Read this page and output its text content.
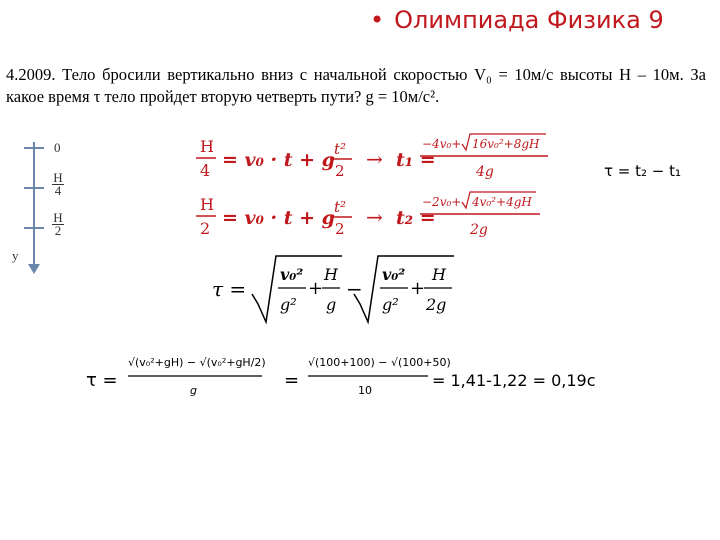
• Олимпиада Физика 9
4.2009. Тело бросили вертикально вниз с начальной скоростью V₀ = 10м/с высоты Н – 10м. За какое время τ тело пройдет вторую четверть пути? g = 10м/с².
0
$\frac{H}{4}$
$\frac{H}{2}$
у
H
4 = v₀ · t + g t²
2 → t₁ =
−4v₀+ 16v₀²+8gH
4g	τ = t₂ − t₁
H
2 = v₀ · t + g t²
2 → t₂ =
−2v₀+ 4v₀²+4gH
2g
τ =
v₀²
g²
+
H
g
−
v₀²
g²
+
H
2g
τ =
√(v₀²+gH) − √(v₀²+gH/2)
g	=
√(100+100) − √(100+50)
10
= 1,41-1,22 = 0,19с
